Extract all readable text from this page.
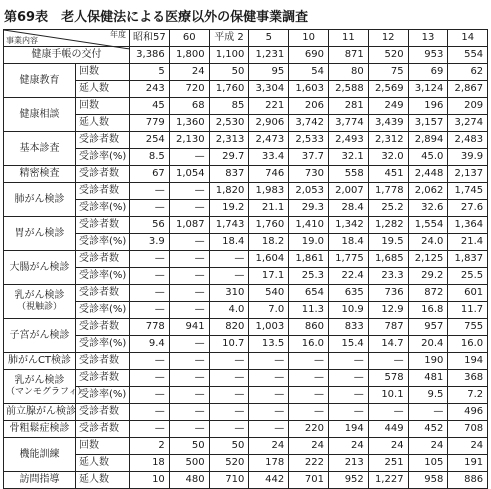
第69表　老人保健法による医療以外の保健事業調査
年度
事業内容		昭和57	60	平成 2	5	10	11	12	13	14
健康手帳の交付		3,386	1,800	1,100	1,231	690	871	520	953	554
健康教育	回数	5	24	50	95	54	80	75	69	62
	延人数	243	720	1,760	3,304	1,603	2,588	2,569	3,124	2,867
健康相談	回数	45	68	85	221	206	281	249	196	209
	延人数	779	1,360	2,530	2,906	3,742	3,774	3,439	3,157	3,274
基本診査	受診者数	254	2,130	2,313	2,473	2,533	2,493	2,312	2,894	2,483
	受診率(%)	8.5	—	29.7	33.4	37.7	32.1	32.0	45.0	39.9
精密検査	受診者数	67	1,054	837	746	730	558	451	2,448	2,137
肺がん検診	受診者数	—	—	1,820	1,983	2,053	2,007	1,778	2,062	1,745
	受診率(%)	—	—	19.2	21.1	29.3	28.4	25.2	32.6	27.6
胃がん検診	受診者数	56	1,087	1,743	1,760	1,410	1,342	1,282	1,554	1,364
	受診率(%)	3.9	—	18.4	18.2	19.0	18.4	19.5	24.0	21.4
大腸がん検診	受診者数	—	—	—	1,604	1,861	1,775	1,685	2,125	1,837
	受診率(%)	—	—	—	17.1	25.3	22.4	23.3	29.2	25.5
乳がん検診
（視触診）	受診者数	—	—	310	540	654	635	736	872	601
	受診率(%)	—	—	4.0	7.0	11.3	10.9	12.9	16.8	11.7
子宮がん検診	受診者数	778	941	820	1,003	860	833	787	957	755
	受診率(%)	9.4	—	10.7	13.5	16.0	15.4	14.7	20.4	16.0
肺がんCT検診	受診者数	—	—	—	—	—	—	—	190	194
乳がん検診
（マンモグラフィ）	受診者数	—	—	—	—	—	—	578	481	368
	受診率(%)	—	—	—	—	—	—	10.1	9.5	7.2
前立腺がん検診	受診者数	—	—	—	—	—	—	—	—	496
骨粗鬆症検診	受診者数	—	—	—	—	220	194	449	452	708
機能訓練	回数	2	50	50	24	24	24	24	24	24
	延人数	18	500	520	178	222	213	251	105	191
訪問指導	延人数	10	480	710	442	701	952	1,227	958	886
